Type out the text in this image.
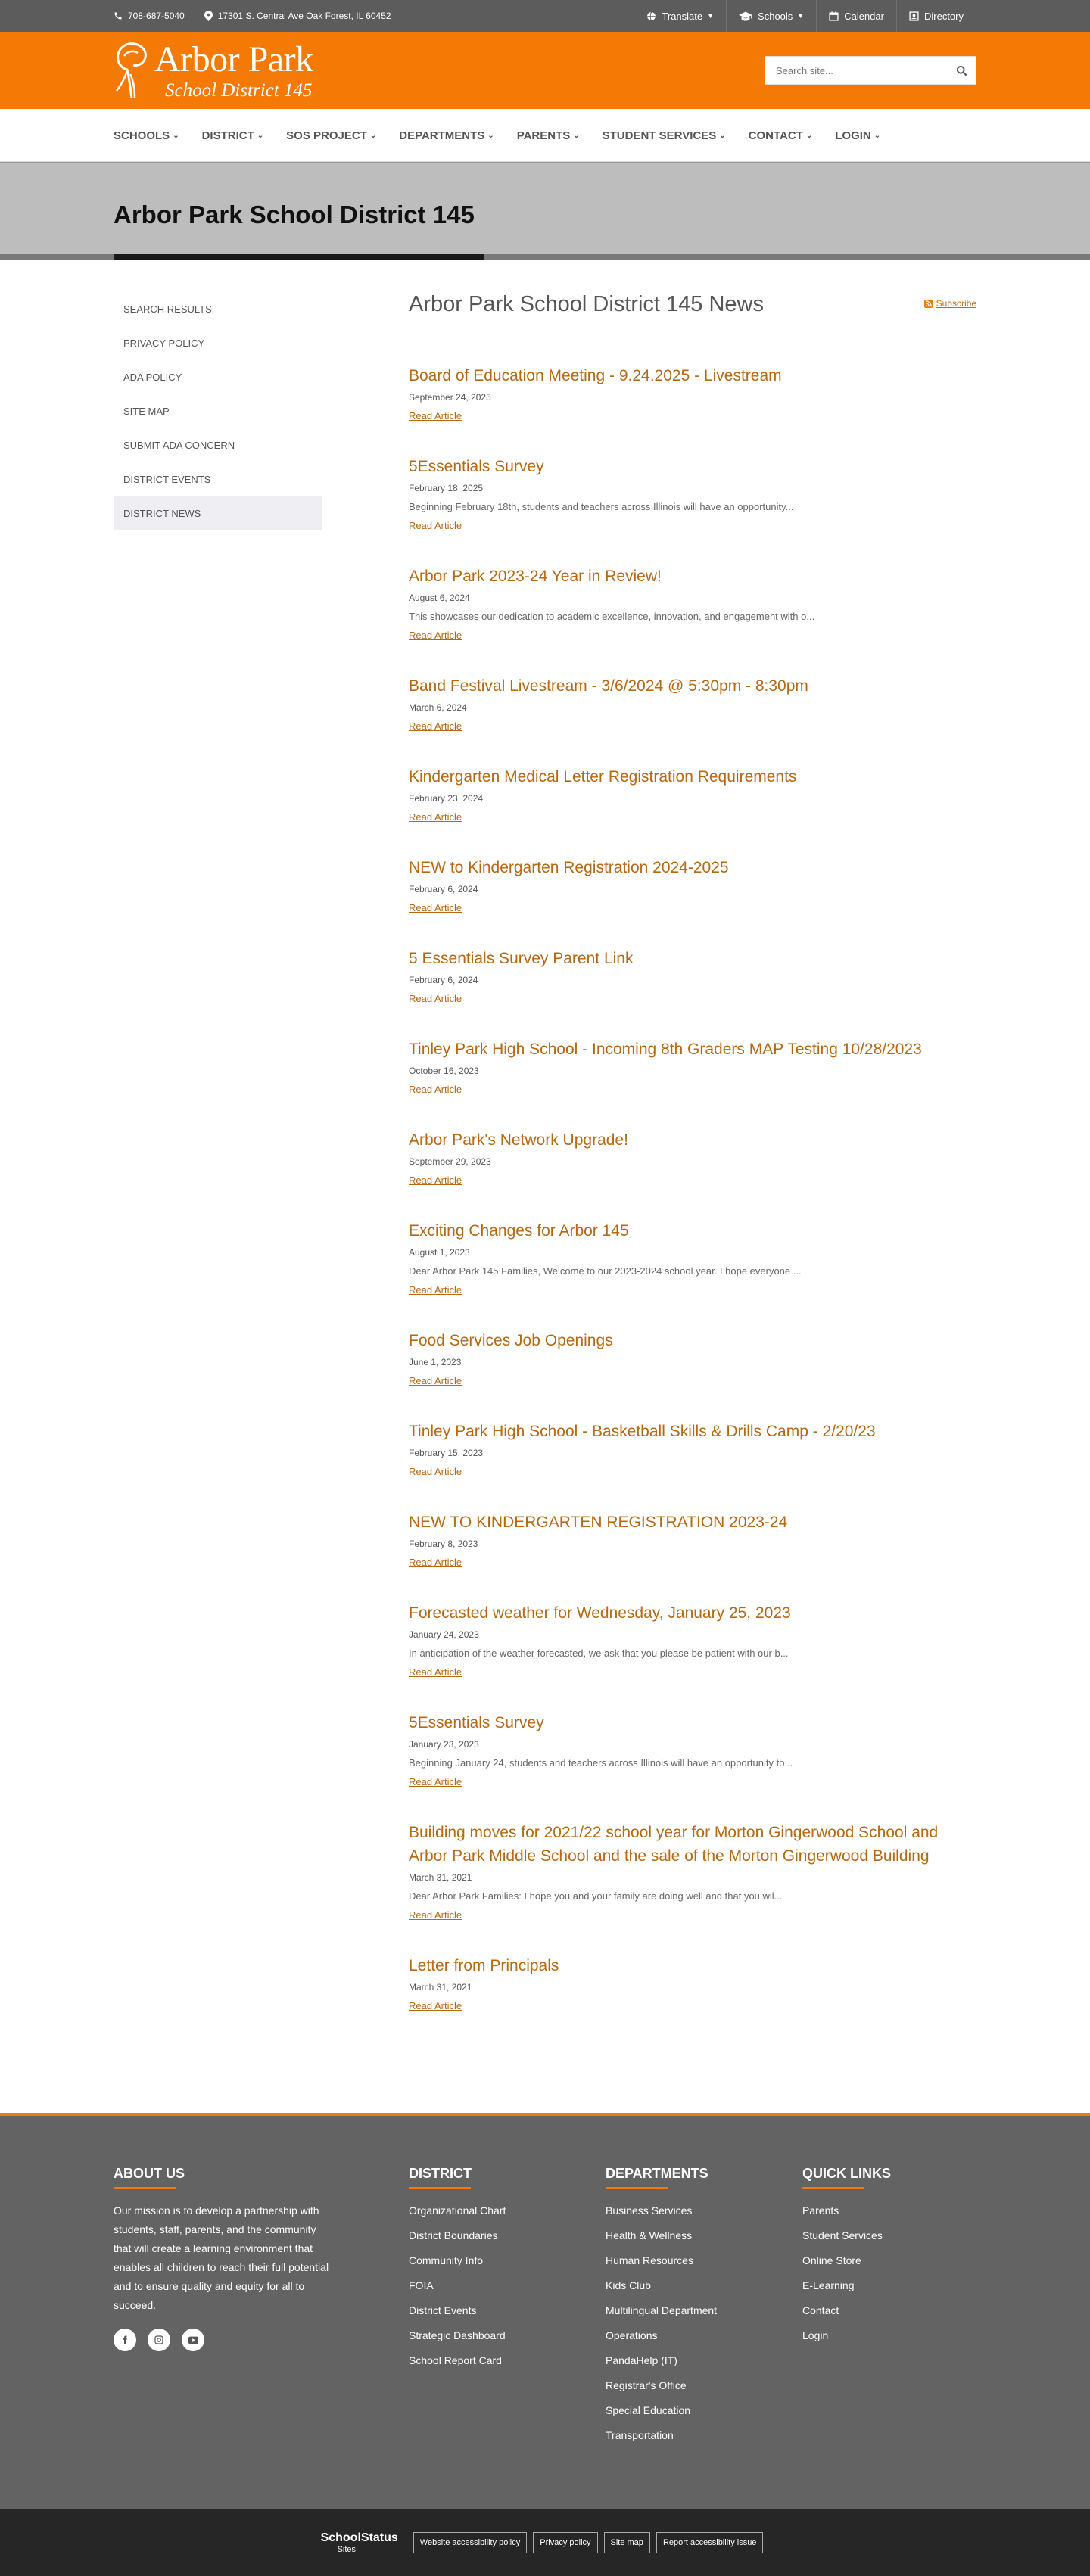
708-687-5040	17301 S. Central Ave Oak Forest, IL 60452	Translate ▼	Schools ▼	Calendar	Directory
Arbor Park
School District 145
Search site...
SCHOOLS ⌄ DISTRICT ⌄ SOS PROJECT ⌄ DEPARTMENTS ⌄ PARENTS ⌄ STUDENT SERVICES ⌄ CONTACT ⌄ LOGIN ⌄
Arbor Park School District 145
SEARCH RESULTS
PRIVACY POLICY
ADA POLICY
SITE MAP
SUBMIT ADA CONCERN
DISTRICT EVENTS
DISTRICT NEWS
Arbor Park School District 145 News	Subscribe
Board of Education Meeting - 9.24.2025 - Livestream
September 24, 2025
Read Article
5Essentials Survey
February 18, 2025
Beginning February 18th, students and teachers across Illinois will have an opportunity...
Read Article
Arbor Park 2023-24 Year in Review!
August 6, 2024
This showcases our dedication to academic excellence, innovation, and engagement with o...
Read Article
Band Festival Livestream - 3/6/2024 @ 5:30pm - 8:30pm
March 6, 2024
Read Article
Kindergarten Medical Letter Registration Requirements
February 23, 2024
Read Article
NEW to Kindergarten Registration 2024-2025
February 6, 2024
Read Article
5 Essentials Survey Parent Link
February 6, 2024
Read Article
Tinley Park High School - Incoming 8th Graders MAP Testing 10/28/2023
October 16, 2023
Read Article
Arbor Park's Network Upgrade!
September 29, 2023
Read Article
Exciting Changes for Arbor 145
August 1, 2023
Dear Arbor Park 145 Families, Welcome to our 2023-2024 school year. I hope everyone ...
Read Article
Food Services Job Openings
June 1, 2023
Read Article
Tinley Park High School - Basketball Skills & Drills Camp - 2/20/23
February 15, 2023
Read Article
NEW TO KINDERGARTEN REGISTRATION 2023-24
February 8, 2023
Read Article
Forecasted weather for Wednesday, January 25, 2023
January 24, 2023
In anticipation of the weather forecasted, we ask that you please be patient with our b...
Read Article
5Essentials Survey
January 23, 2023
Beginning January 24, students and teachers across Illinois will have an opportunity to...
Read Article
Building moves for 2021/22 school year for Morton Gingerwood School and Arbor Park Middle School and the sale of the Morton Gingerwood Building
March 31, 2021
Dear Arbor Park Families: I hope you and your family are doing well and that you wil...
Read Article
Letter from Principals
March 31, 2021
Read Article
ABOUT US

Our mission is to develop a partnership with students, staff, parents, and the community that will create a learning environment that enables all children to reach their full potential and to ensure quality and equity for all to succeed.

DISTRICT
Organizational Chart
District Boundaries
Community Info
FOIA
District Events
Strategic Dashboard
School Report Card
DEPARTMENTS
Business Services
Health & Wellness
Human Resources
Kids Club
Multilingual Department
Operations
PandaHelp (IT)
Registrar's Office
Special Education
Transportation
QUICK LINKS
Parents
Student Services
Online Store
E-Learning
Contact
Login
SchoolStatus
Sites
Website accessibility policy	Privacy policy	Site map	Report accessibility issue
